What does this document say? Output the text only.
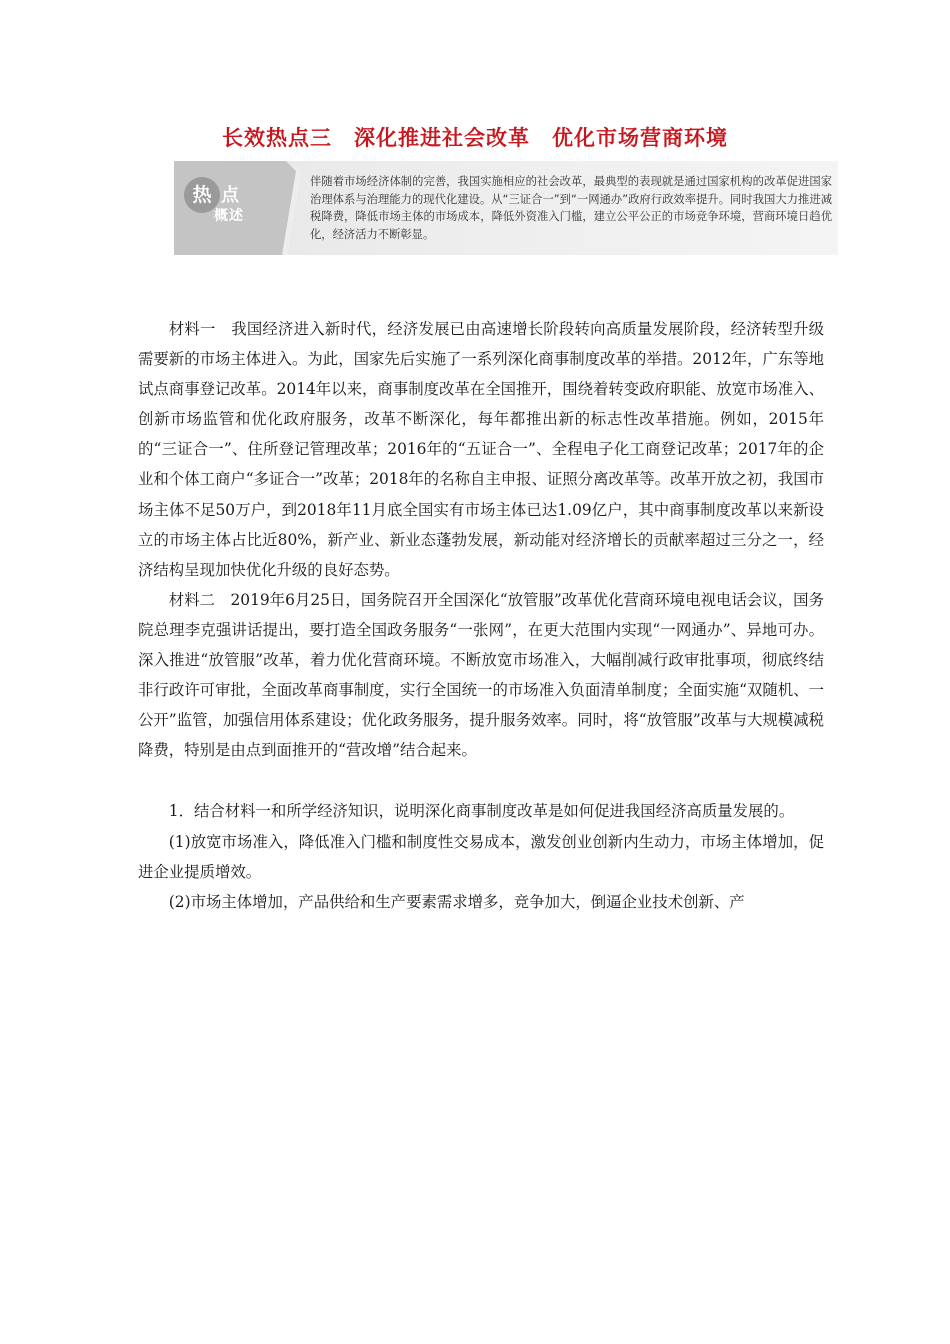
长效热点三　深化推进社会改革　优化市场营商环境
热 点
概述
伴随着市场经济体制的完善，我国实施相应的社会改革，最典型的表现就是通过国家机构的改革促进国家治理体系与治理能力的现代化建设。从“三证合一”到“一网通办”政府行政效率提升。同时我国大力推进减税降费，降低市场主体的市场成本，降低外资准入门槛，建立公平公正的市场竞争环境，营商环境日趋优化，经济活力不断彰显。

材料一　我国经济进入新时代，经济发展已由高速增长阶段转向高质量发展阶段，经济转型升级需要新的市场主体进入。为此，国家先后实施了一系列深化商事制度改革的举措。2012年，广东等地试点商事登记改革。2014年以来，商事制度改革在全国推开，围绕着转变政府职能、放宽市场准入、创新市场监管和优化政府服务，改革不断深化，每年都推出新的标志性改革措施。例如，2015年的“三证合一”、住所登记管理改革；2016年的“五证合一”、全程电子化工商登记改革；2017年的企业和个体工商户“多证合一”改革；2018年的名称自主申报、证照分离改革等。改革开放之初，我国市场主体不足50万户，到2018年11月底全国实有市场主体已达1.09亿户，其中商事制度改革以来新设立的市场主体占比近80%，新产业、新业态蓬勃发展，新动能对经济增长的贡献率超过三分之一，经济结构呈现加快优化升级的良好态势。

材料二　2019年6月25日，国务院召开全国深化“放管服”改革优化营商环境电视电话会议，国务院总理李克强讲话提出，要打造全国政务服务“一张网”，在更大范围内实现“一网通办”、异地可办。深入推进“放管服”改革，着力优化营商环境。不断放宽市场准入，大幅削减行政审批事项，彻底终结非行政许可审批，全面改革商事制度，实行全国统一的市场准入负面清单制度；全面实施“双随机、一公开”监管，加强信用体系建设；优化政务服务，提升服务效率。同时，将“放管服”改革与大规模减税降费，特别是由点到面推开的“营改增”结合起来。

1．结合材料一和所学经济知识，说明深化商事制度改革是如何促进我国经济高质量发展的。

(1)放宽市场准入，降低准入门槛和制度性交易成本，激发创业创新内生动力，市场主体增加，促进企业提质增效。

(2)市场主体增加，产品供给和生产要素需求增多，竞争加大，倒逼企业技术创新、产
